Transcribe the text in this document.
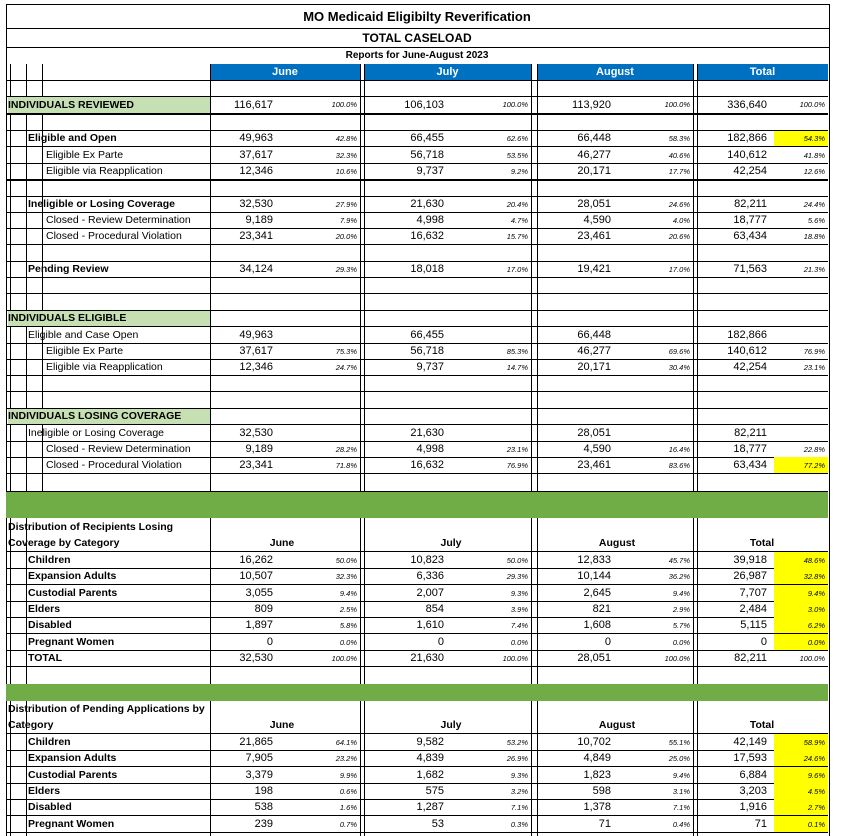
MO Medicaid Eligibilty Reverification
TOTAL CASELOAD
Reports for June-August 2023
June	July	August	Total
INDIVIDUALS REVIEWED	116,617	100.0%	106,103	100.0%	113,920	100.0%	336,640	100.0%
Eligible and Open	49,963	42.8%	66,455	62.6%	66,448	58.3%	182,866	54.3%
Eligible Ex Parte	37,617	32.3%	56,718	53.5%	46,277	40.6%	140,612	41.8%
Eligible via Reapplication	12,346	10.6%	9,737	9.2%	20,171	17.7%	42,254	12.6%
Ineligible or Losing Coverage	32,530	27.9%	21,630	20.4%	28,051	24.6%	82,211	24.4%
Closed - Review Determination	9,189	7.9%	4,998	4.7%	4,590	4.0%	18,777	5.6%
Closed - Procedural Violation	23,341	20.0%	16,632	15.7%	23,461	20.6%	63,434	18.8%
Pending Review	34,124	29.3%	18,018	17.0%	19,421	17.0%	71,563	21.3%
INDIVIDUALS ELIGIBLE
Eligible and Case Open	49,963	66,455	66,448	182,866
Eligible Ex Parte	37,617	75.3%	56,718	85.3%	46,277	69.6%	140,612	76.9%
Eligible via Reapplication	12,346	24.7%	9,737	14.7%	20,171	30.4%	42,254	23.1%
INDIVIDUALS LOSING COVERAGE
Ineligible or Losing Coverage	32,530	21,630	28,051	82,211
Closed - Review Determination	9,189	28.2%	4,998	23.1%	4,590	16.4%	18,777	22.8%
Closed - Procedural Violation	23,341	71.8%	16,632	76.9%	23,461	83.6%	63,434	77.2%
Distribution of Recipients Losing
Coverage by Category	June	July	August	Total
Children	16,262	50.0%	10,823	50.0%	12,833	45.7%	39,918	48.6%
Expansion Adults	10,507	32.3%	6,336	29.3%	10,144	36.2%	26,987	32.8%
Custodial Parents	3,055	9.4%	2,007	9.3%	2,645	9.4%	7,707	9.4%
Elders	809	2.5%	854	3.9%	821	2.9%	2,484	3.0%
Disabled	1,897	5.8%	1,610	7.4%	1,608	5.7%	5,115	6.2%
Pregnant Women	0	0.0%	0	0.0%	0	0.0%	0	0.0%
TOTAL	32,530	100.0%	21,630	100.0%	28,051	100.0%	82,211	100.0%
Distribution of Pending Applications by
Category	June	July	August	Total
Children	21,865	64.1%	9,582	53.2%	10,702	55.1%	42,149	58.9%
Expansion Adults	7,905	23.2%	4,839	26.9%	4,849	25.0%	17,593	24.6%
Custodial Parents	3,379	9.9%	1,682	9.3%	1,823	9.4%	6,884	9.6%
Elders	198	0.6%	575	3.2%	598	3.1%	3,203	4.5%
Disabled	538	1.6%	1,287	7.1%	1,378	7.1%	1,916	2.7%
Pregnant Women	239	0.7%	53	0.3%	71	0.4%	71	0.1%
